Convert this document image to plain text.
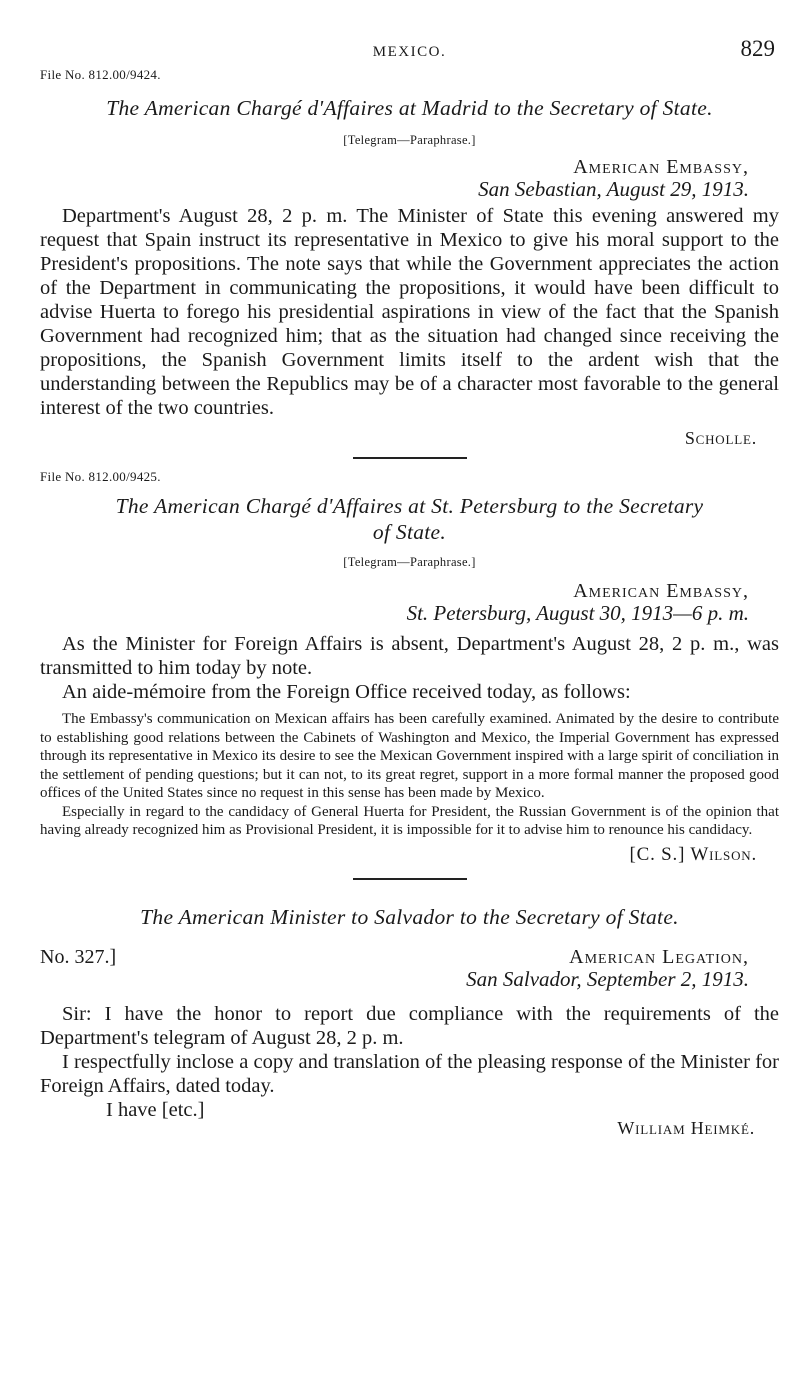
MEXICO.	829

File No. 812.00/9424.

The American Chargé d'Affaires at Madrid to the Secretary of State.

[Telegram—Paraphrase.]

American Embassy,

San Sebastian, August 29, 1913.

Department's August 28, 2 p. m. The Minister of State this evening answered my request that Spain instruct its representative in Mexico to give his moral support to the President's propositions. The note says that while the Government appreciates the action of the Department in communicating the propositions, it would have been difficult to advise Huerta to forego his presidential aspirations in view of the fact that the Spanish Government had recognized him; that as the situation had changed since receiving the propositions, the Spanish Government limits itself to the ardent wish that the understanding between the Republics may be of a character most favorable to the general interest of the two countries.

Scholle.

File No. 812.00/9425.

The American Chargé d'Affaires at St. Petersburg to the Secretary

of State.

[Telegram—Paraphrase.]

American Embassy,

St. Petersburg, August 30, 1913—6 p. m.

As the Minister for Foreign Affairs is absent, Department's August 28, 2 p. m., was transmitted to him today by note.

An aide-mémoire from the Foreign Office received today, as follows:

The Embassy's communication on Mexican affairs has been carefully examined. Animated by the desire to contribute to establishing good relations between the Cabinets of Washington and Mexico, the Imperial Government has expressed through its representative in Mexico its desire to see the Mexican Government inspired with a large spirit of conciliation in the settlement of pending questions; but it can not, to its great regret, support in a more formal manner the proposed good offices of the United States since no request in this sense has been made by Mexico.

Especially in regard to the candidacy of General Huerta for President, the Russian Government is of the opinion that having already recognized him as Provisional President, it is impossible for it to advise him to renounce his candidacy.

[C. S.] Wilson.

The American Minister to Salvador to the Secretary of State.

No. 327.]	American Legation,

San Salvador, September 2, 1913.

Sir: I have the honor to report due compliance with the requirements of the Department's telegram of August 28, 2 p. m.

I respectfully inclose a copy and translation of the pleasing response of the Minister for Foreign Affairs, dated today.

I have [etc.]

William Heimké.
